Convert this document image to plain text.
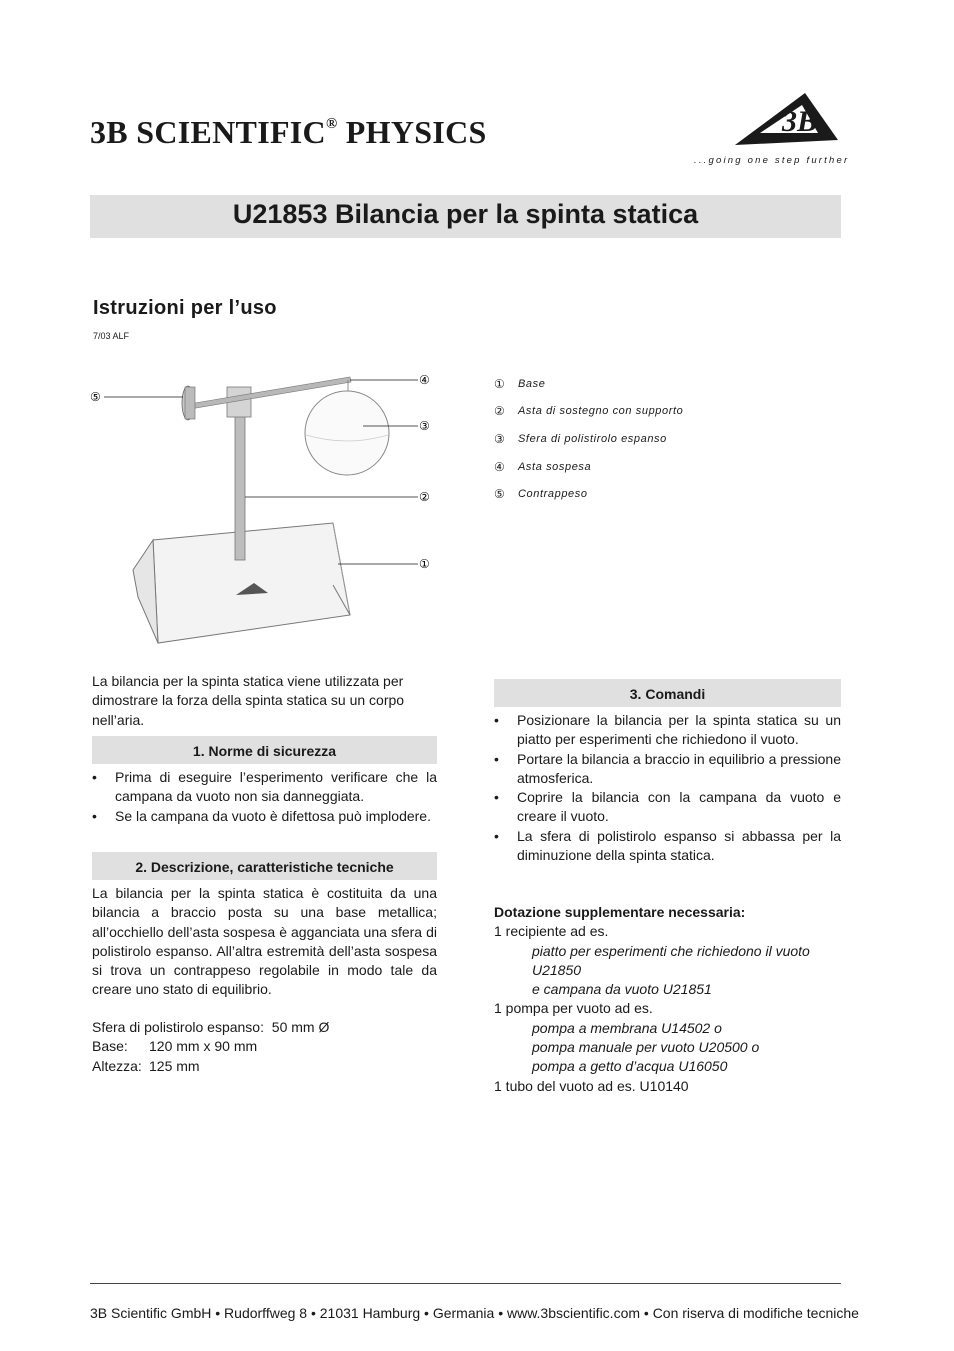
3B SCIENTIFIC® PHYSICS	3B
...going one step further
U21853 Bilancia per la spinta statica
Istruzioni per l’uso
7/03 ALF
④
③
②
①
⑤
①	Base
②	Asta di sostegno con supporto
③	Sfera di polistirolo espanso
④	Asta sospesa
⑤	Contrappeso
La bilancia per la spinta statica viene utilizzata per dimostrare la forza della spinta statica su un corpo nell’aria.
1. Norme di sicurezza
• Prima di eseguire l’esperimento verificare che la campana da vuoto non sia danneggiata.
• Se la campana da vuoto è difettosa può implodere.
2. Descrizione, caratteristiche tecniche
La bilancia per la spinta statica è costituita da una bilancia a braccio posta su una base metallica; all’occhiello dell’asta sospesa è agganciata una sfera di polistirolo espanso. All’altra estremità dell’asta sospesa si trova un contrappeso regolabile in modo tale da creare uno stato di equilibrio.
Sfera di polistirolo espanso: 50 mm Ø
Base: 120 mm x 90 mm
Altezza: 125 mm
3. Comandi
• Posizionare la bilancia per la spinta statica su un piatto per esperimenti che richiedono il vuoto.
• Portare la bilancia a braccio in equilibrio a pressione atmosferica.
• Coprire la bilancia con la campana da vuoto e creare il vuoto.
• La sfera di polistirolo espanso si abbassa per la diminuzione della spinta statica.
Dotazione supplementare necessaria:
1 recipiente ad es.
piatto per esperimenti che richiedono il vuoto U21850
e campana da vuoto U21851
1 pompa per vuoto ad es.
pompa a membrana U14502 o
pompa manuale per vuoto U20500 o
pompa a getto d’acqua U16050
1 tubo del vuoto ad es. U10140
3B Scientific GmbH • Rudorffweg 8 • 21031 Hamburg • Germania • www.3bscientific.com • Con riserva di modifiche tecniche
